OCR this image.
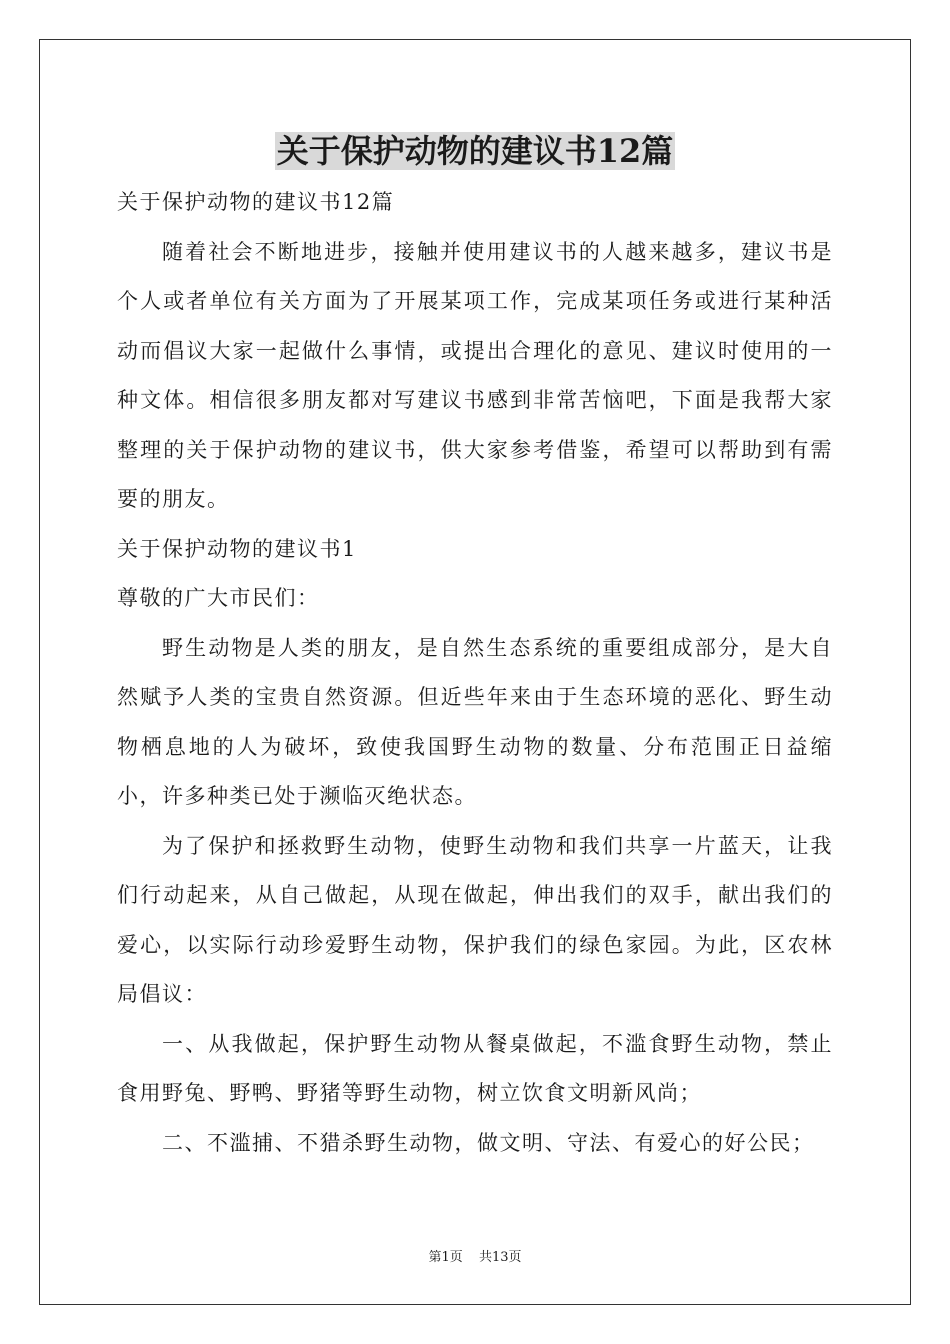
关于保护动物的建议书12篇

关于保护动物的建议书12篇

随着社会不断地进步，接触并使用建议书的人越来越多，建议书是个人或者单位有关方面为了开展某项工作，完成某项任务或进行某种活动而倡议大家一起做什么事情，或提出合理化的意见、建议时使用的一种文体。相信很多朋友都对写建议书感到非常苦恼吧，下面是我帮大家整理的关于保护动物的建议书，供大家参考借鉴，希望可以帮助到有需要的朋友。

关于保护动物的建议书1

尊敬的广大市民们：

野生动物是人类的朋友，是自然生态系统的重要组成部分，是大自然赋予人类的宝贵自然资源。但近些年来由于生态环境的恶化、野生动物栖息地的人为破坏，致使我国野生动物的数量、分布范围正日益缩小，许多种类已处于濒临灭绝状态。

为了保护和拯救野生动物，使野生动物和我们共享一片蓝天，让我们行动起来，从自己做起，从现在做起，伸出我们的双手，献出我们的爱心，以实际行动珍爱野生动物，保护我们的绿色家园。为此，区农林局倡议：

一、从我做起，保护野生动物从餐桌做起，不滥食野生动物，禁止食用野兔、野鸭、野猪等野生动物，树立饮食文明新风尚；

二、不滥捕、不猎杀野生动物，做文明、守法、有爱心的好公民；

第1页 共13页
